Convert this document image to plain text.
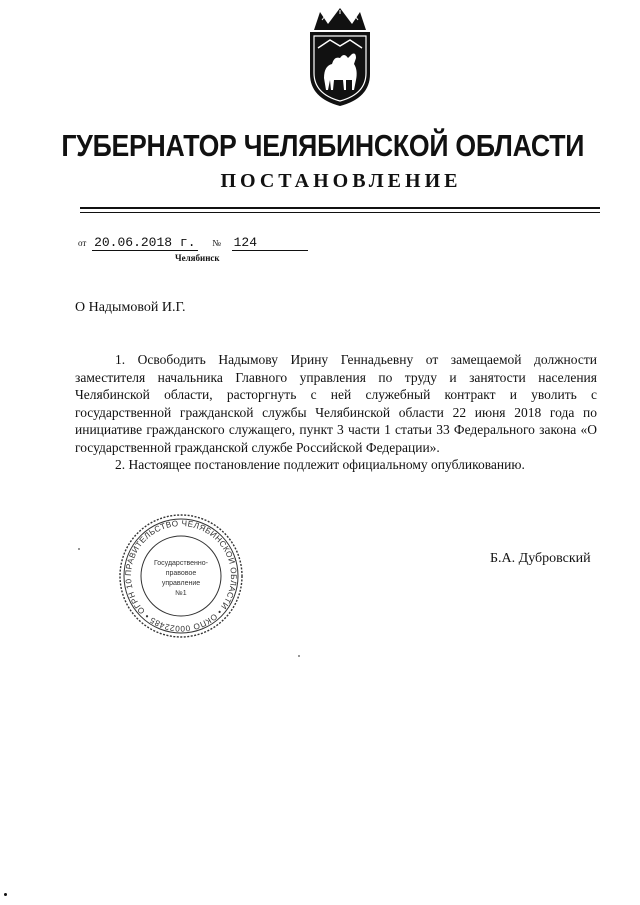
ГУБЕРНАТОР ЧЕЛЯБИНСКОЙ ОБЛАСТИ
ПОСТАНОВЛЕНИЕ
от 20.06.2018 г. № 124
Челябинск
О Надымовой И.Г.

1. Освободить Надымову Ирину Геннадьевну от замещаемой должности заместителя начальника Главного управления по труду и занятости населения Челябинской области, расторгнуть с ней служебный контракт и уволить с государственной гражданской службы Челябинской области 22 июня 2018 года по инициативе гражданского служащего, пункт 3 части 1 статьи 33 Федерального закона «О государственной гражданской службе Российской Федерации».

2. Настоящее постановление подлежит официальному опубликованию.

ПРАВИТЕЛЬСТВО ЧЕЛЯБИНСКОЙ ОБЛАСТИ • ОКПО 00022485 • ОГРН 10
Государственно-
правовое
управление
№1
Б.А. Дубровский
